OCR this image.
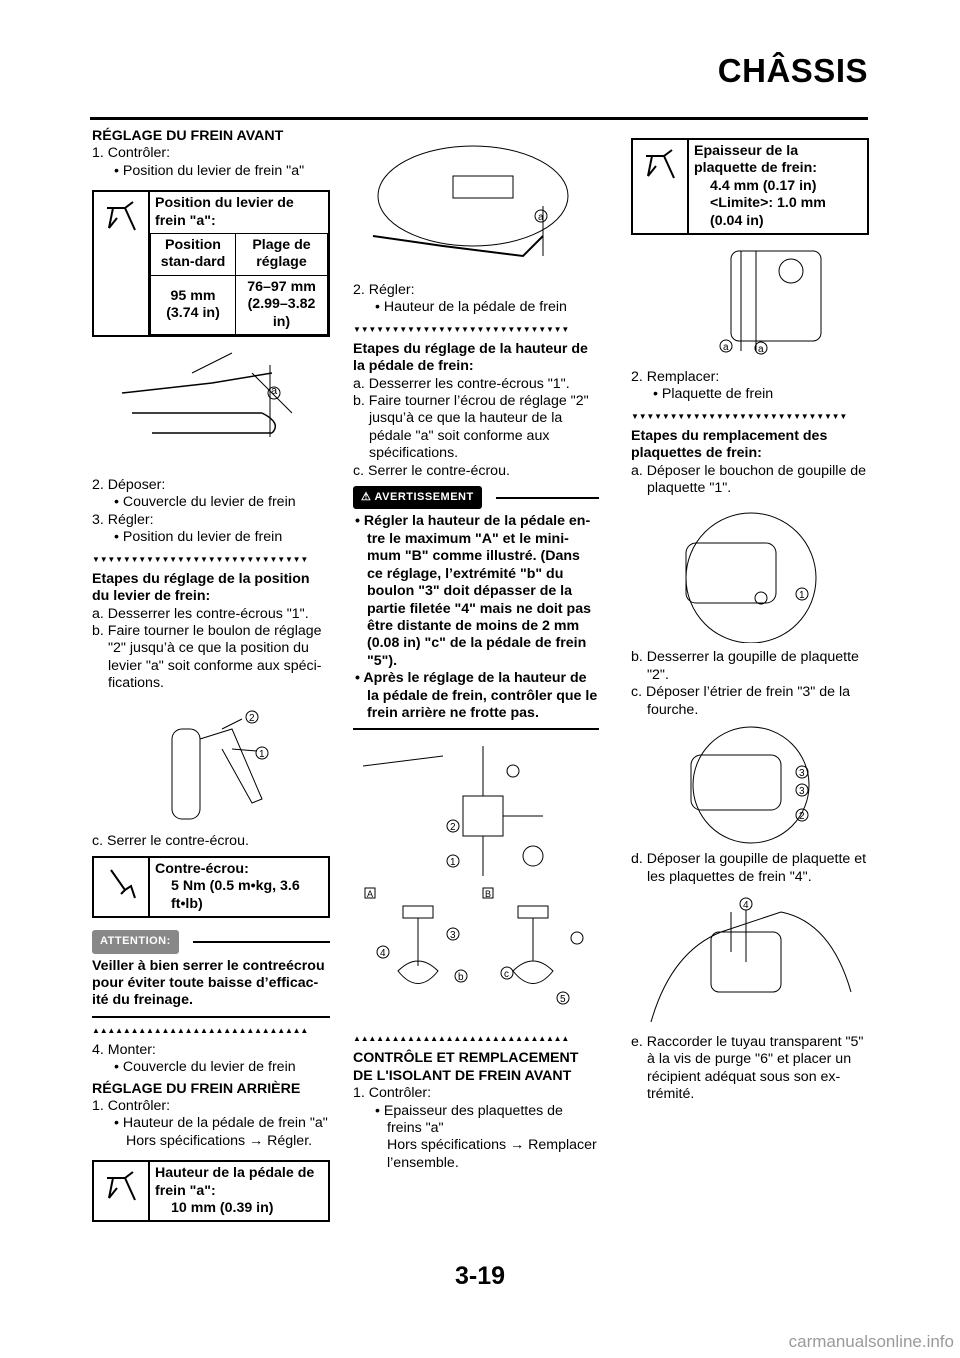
CHÂSSIS

RÉGLAGE DU FREIN AVANT

1. Contrôler:

• Position du levier de frein "a"

Position du levier de frein "a":
Position stan-dard	Plage de réglage
95 mm (3.74 in)	76–97 mm (2.99–3.82 in)
a

2. Déposer:

• Couvercle du levier de frein

3. Régler:

• Position du levier de frein

▼▼▼▼▼▼▼▼▼▼▼▼▼▼▼▼▼▼▼▼▼▼▼▼▼▼▼▼

Etapes du réglage de la position du levier de frein:

a. Desserrer les contre-écrous "1".

b. Faire tourner le boulon de réglage "2" jusqu’à ce que la position du levier "a" soit conforme aux spéci-fications.

2
1

c. Serrer le contre-écrou.

Contre-écrou:
5 Nm (0.5 m•kg, 3.6 ft•lb)
ATTENTION:

Veiller à bien serrer le contreécrou pour éviter toute baisse d’efficac-ité du freinage.

▲▲▲▲▲▲▲▲▲▲▲▲▲▲▲▲▲▲▲▲▲▲▲▲▲▲▲▲

4. Monter:

• Couvercle du levier de frein

RÉGLAGE DU FREIN ARRIÈRE

1. Contrôler:

• Hauteur de la pédale de frein "a"

Hors spécifications → Régler.

Hauteur de la pédale de frein "a":
10 mm (0.39 in)
a

2. Régler:

• Hauteur de la pédale de frein

▼▼▼▼▼▼▼▼▼▼▼▼▼▼▼▼▼▼▼▼▼▼▼▼▼▼▼▼

Etapes du réglage de la hauteur de la pédale de frein:

a. Desserrer les contre-écrous "1".

b. Faire tourner l’écrou de réglage "2" jusqu’à ce que la hauteur de la pédale "a" soit conforme aux spécifications.

c. Serrer le contre-écrou.

⚠ AVERTISSEMENT

• Régler la hauteur de la pédale en-tre le maximum "A" et le mini-mum "B" comme illustré. (Dans ce réglage, l’extrémité "b" du boulon "3" doit dépasser de la partie filetée "4" mais ne doit pas être distante de moins de 2 mm (0.08 in) "c" de la pédale de frein "5").

• Après le réglage de la hauteur de la pédale de frein, contrôler que le frein arrière ne frotte pas.

1
2
A	B
3
4
b	c
5
▲▲▲▲▲▲▲▲▲▲▲▲▲▲▲▲▲▲▲▲▲▲▲▲▲▲▲▲

CONTRÔLE ET REMPLACEMENT DE L'ISOLANT DE FREIN AVANT

1. Contrôler:

• Epaisseur des plaquettes de freins "a"

Hors spécifications → Remplacer l’ensemble.

Epaisseur de la plaquette de frein:
4.4 mm (0.17 in)
<Limite>: 1.0 mm (0.04 in)
a	a

2. Remplacer:

• Plaquette de frein

▼▼▼▼▼▼▼▼▼▼▼▼▼▼▼▼▼▼▼▼▼▼▼▼▼▼▼▼

Etapes du remplacement des plaquettes de frein:

a. Déposer le bouchon de goupille de plaquette "1".

1

b. Desserrer la goupille de plaquette "2".

c. Déposer l’étrier de frein "3" de la fourche.

3
3
2

d. Déposer la goupille de plaquette et les plaquettes de frein "4".

4

e. Raccorder le tuyau transparent "5" à la vis de purge "6" et placer un récipient adéquat sous son ex-trémité.

3-19
carmanualsonline.info
